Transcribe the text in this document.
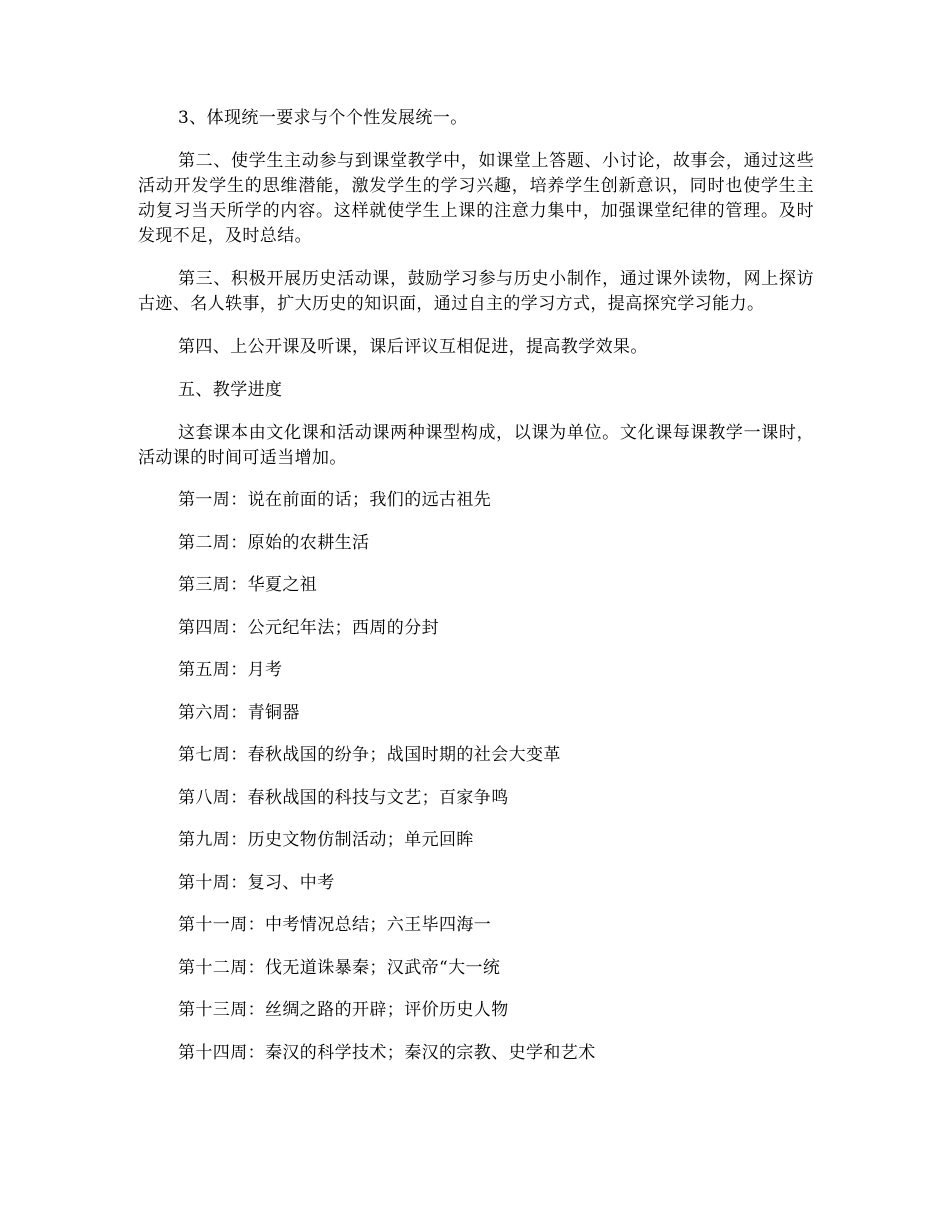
3、体现统一要求与个个性发展统一。

第二、使学生主动参与到课堂教学中，如课堂上答题、小讨论，故事会，通过这些活动开发学生的思维潜能，激发学生的学习兴趣，培养学生创新意识，同时也使学生主动复习当天所学的内容。这样就使学生上课的注意力集中，加强课堂纪律的管理。及时发现不足，及时总结。

第三、积极开展历史活动课，鼓励学习参与历史小制作，通过课外读物，网上探访古迹、名人轶事，扩大历史的知识面，通过自主的学习方式，提高探究学习能力。

第四、上公开课及听课，课后评议互相促进，提高教学效果。

五、教学进度

这套课本由文化课和活动课两种课型构成，以课为单位。文化课每课教学一课时，活动课的时间可适当增加。

第一周：说在前面的话；我们的远古祖先

第二周：原始的农耕生活

第三周：华夏之祖

第四周：公元纪年法；西周的分封

第五周：月考

第六周：青铜器

第七周：春秋战国的纷争；战国时期的社会大变革

第八周：春秋战国的科技与文艺；百家争鸣

第九周：历史文物仿制活动；单元回眸

第十周：复习、中考

第十一周：中考情况总结；六王毕四海一

第十二周：伐无道诛暴秦；汉武帝“大一统

第十三周：丝绸之路的开辟；评价历史人物

第十四周：秦汉的科学技术；秦汉的宗教、史学和艺术
